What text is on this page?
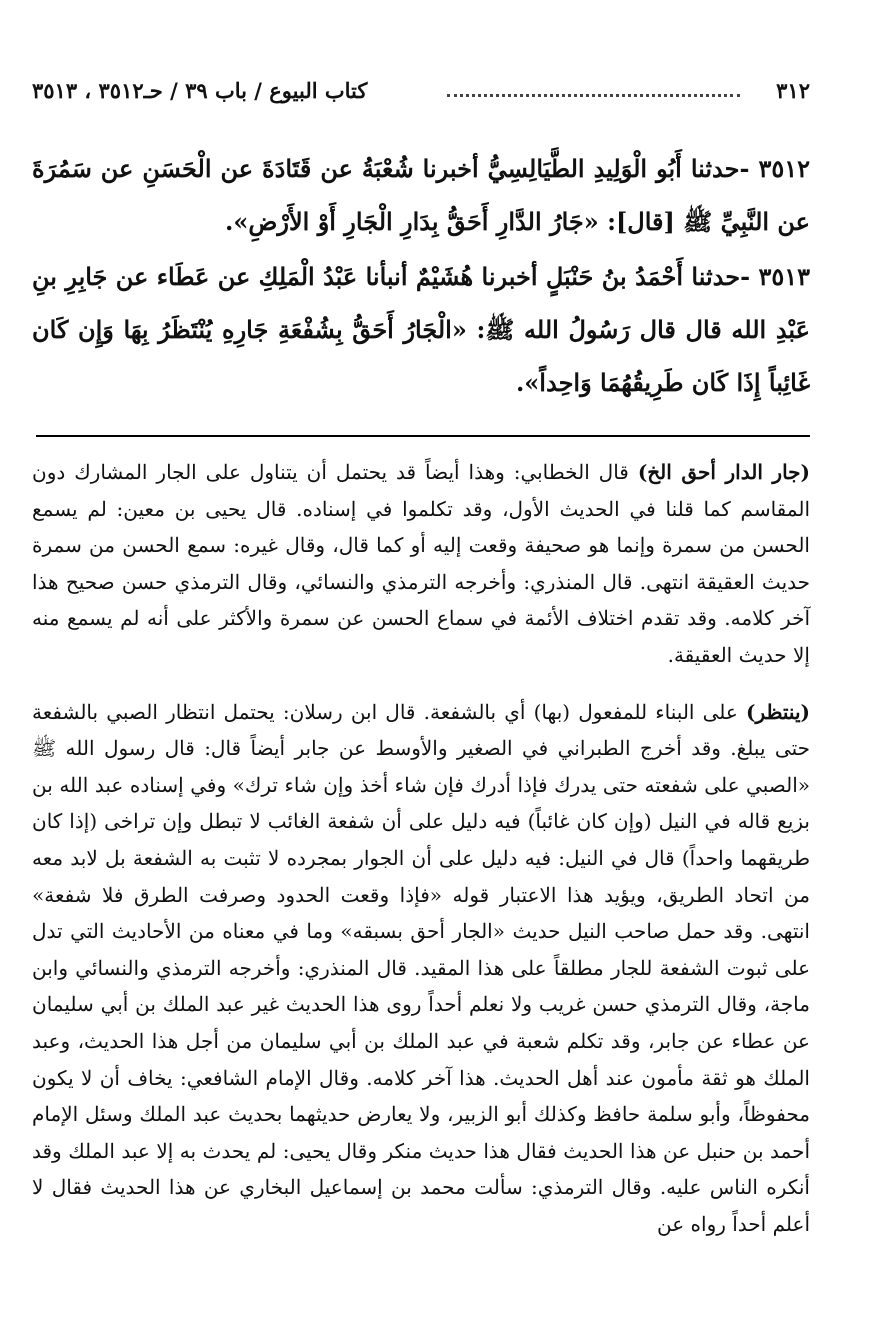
٣١٢
كتاب البيوع / باب ٣٩ / حـ٣٥١٢ ، ٣٥١٣

٣٥١٢ -حدثنا أَبُو الْوَلِيدِ الطَّيَالِسِيُّ أخبرنا شُعْبَةُ عن قَتَادَةَ عن الْحَسَنِ عن سَمُرَةَ عن النَّبِيِّ ﷺ [قال]: «جَارُ الدَّارِ أَحَقُّ بِدَارِ الْجَارِ أَوْ الأَرْضِ».

٣٥١٣ -حدثنا أَحْمَدُ بنُ حَنْبَلٍ أخبرنا هُشَيْمٌ أنبأنا عَبْدُ الْمَلِكِ عن عَطَاء عن جَابِرِ بنِ عَبْدِ الله قال قال رَسُولُ الله ﷺ: «الْجَارُ أَحَقُّ بِشُفْعَةِ جَارِهِ يُنْتَظَرُ بِهَا وَإِن كَان غَائِباً إِذَا كَان طَرِيقُهُمَا وَاحِداً».

(جار الدار أحق الخ) قال الخطابي: وهذا أيضاً قد يحتمل أن يتناول على الجار المشارك دون المقاسم كما قلنا في الحديث الأول، وقد تكلموا في إسناده. قال يحيى بن معين: لم يسمع الحسن من سمرة وإنما هو صحيفة وقعت إليه أو كما قال، وقال غيره: سمع الحسن من سمرة حديث العقيقة انتهى. قال المنذري: وأخرجه الترمذي والنسائي، وقال الترمذي حسن صحيح هذا آخر كلامه. وقد تقدم اختلاف الأئمة في سماع الحسن عن سمرة والأكثر على أنه لم يسمع منه إلا حديث العقيقة.

(ينتظر) على البناء للمفعول (بها) أي بالشفعة. قال ابن رسلان: يحتمل انتظار الصبي بالشفعة حتى يبلغ. وقد أخرج الطبراني في الصغير والأوسط عن جابر أيضاً قال: قال رسول الله ﷺ «الصبي على شفعته حتى يدرك فإذا أدرك فإن شاء أخذ وإن شاء ترك» وفي إسناده عبد الله بن بزيع قاله في النيل (وإن كان غائباً) فيه دليل على أن شفعة الغائب لا تبطل وإن تراخى (إذا كان طريقهما واحداً) قال في النيل: فيه دليل على أن الجوار بمجرده لا تثبت به الشفعة بل لابد معه من اتحاد الطريق، ويؤيد هذا الاعتبار قوله «فإذا وقعت الحدود وصرفت الطرق فلا شفعة» انتهى. وقد حمل صاحب النيل حديث «الجار أحق بسبقه» وما في معناه من الأحاديث التي تدل على ثبوت الشفعة للجار مطلقاً على هذا المقيد. قال المنذري: وأخرجه الترمذي والنسائي وابن ماجة، وقال الترمذي حسن غريب ولا نعلم أحداً روى هذا الحديث غير عبد الملك بن أبي سليمان عن عطاء عن جابر، وقد تكلم شعبة في عبد الملك بن أبي سليمان من أجل هذا الحديث، وعبد الملك هو ثقة مأمون عند أهل الحديث. هذا آخر كلامه. وقال الإمام الشافعي: يخاف أن لا يكون محفوظاً، وأبو سلمة حافظ وكذلك أبو الزبير، ولا يعارض حديثهما بحديث عبد الملك وسئل الإمام أحمد بن حنبل عن هذا الحديث فقال هذا حديث منكر وقال يحيى: لم يحدث به إلا عبد الملك وقد أنكره الناس عليه. وقال الترمذي: سألت محمد بن إسماعيل البخاري عن هذا الحديث فقال لا أعلم أحداً رواه عن
